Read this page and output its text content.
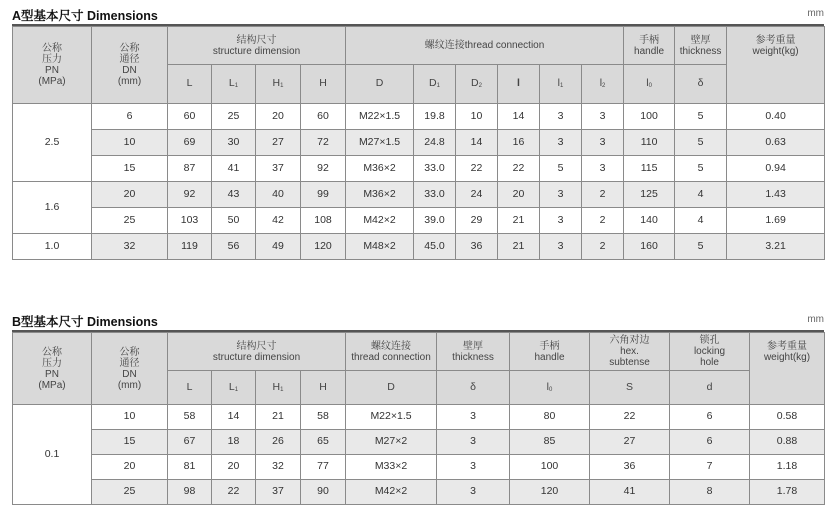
A型基本尺寸 Dimensions	mm
公称
压力
PN
(MPa)	公称
通径
DN
(mm)	结构尺寸
structure dimension				螺纹连接thread connection						手柄
handle	壁厚
thickness	参考重量
weight(kg)
		L	$L_1$	$H_1$	H	D	$D_1$	$D_2$	l	$l_1$	$l_2$	$l_0$	δ	
2.5	6	60	25	20	60	M22×1.5	19.8	10	14	3	3	100	5	0.40
	10	69	30	27	72	M27×1.5	24.8	14	16	3	3	110	5	0.63
	15	87	41	37	92	M36×2	33.0	22	22	5	3	115	5	0.94
1.6	20	92	43	40	99	M36×2	33.0	24	20	3	2	125	4	1.43
	25	103	50	42	108	M42×2	39.0	29	21	3	2	140	4	1.69
1.0	32	119	56	49	120	M48×2	45.0	36	21	3	2	160	5	3.21
B型基本尺寸 Dimensions	mm
公称
压力
PN
(MPa)	公称
通径
DN
(mm)	结构尺寸
structure dimension				螺纹连接
thread connection	壁厚
thickness	手柄
handle	六角对边
hex.
subtense	锁孔
locking
hole	参考重量
weight(kg)
		L	$L_1$	$H_1$	H	D	δ	$l_0$	S	d	
0.1	10	58	14	21	58	M22×1.5	3	80	22	6	0.58
	15	67	18	26	65	M27×2	3	85	27	6	0.88
	20	81	20	32	77	M33×2	3	100	36	7	1.18
	25	98	22	37	90	M42×2	3	120	41	8	1.78
